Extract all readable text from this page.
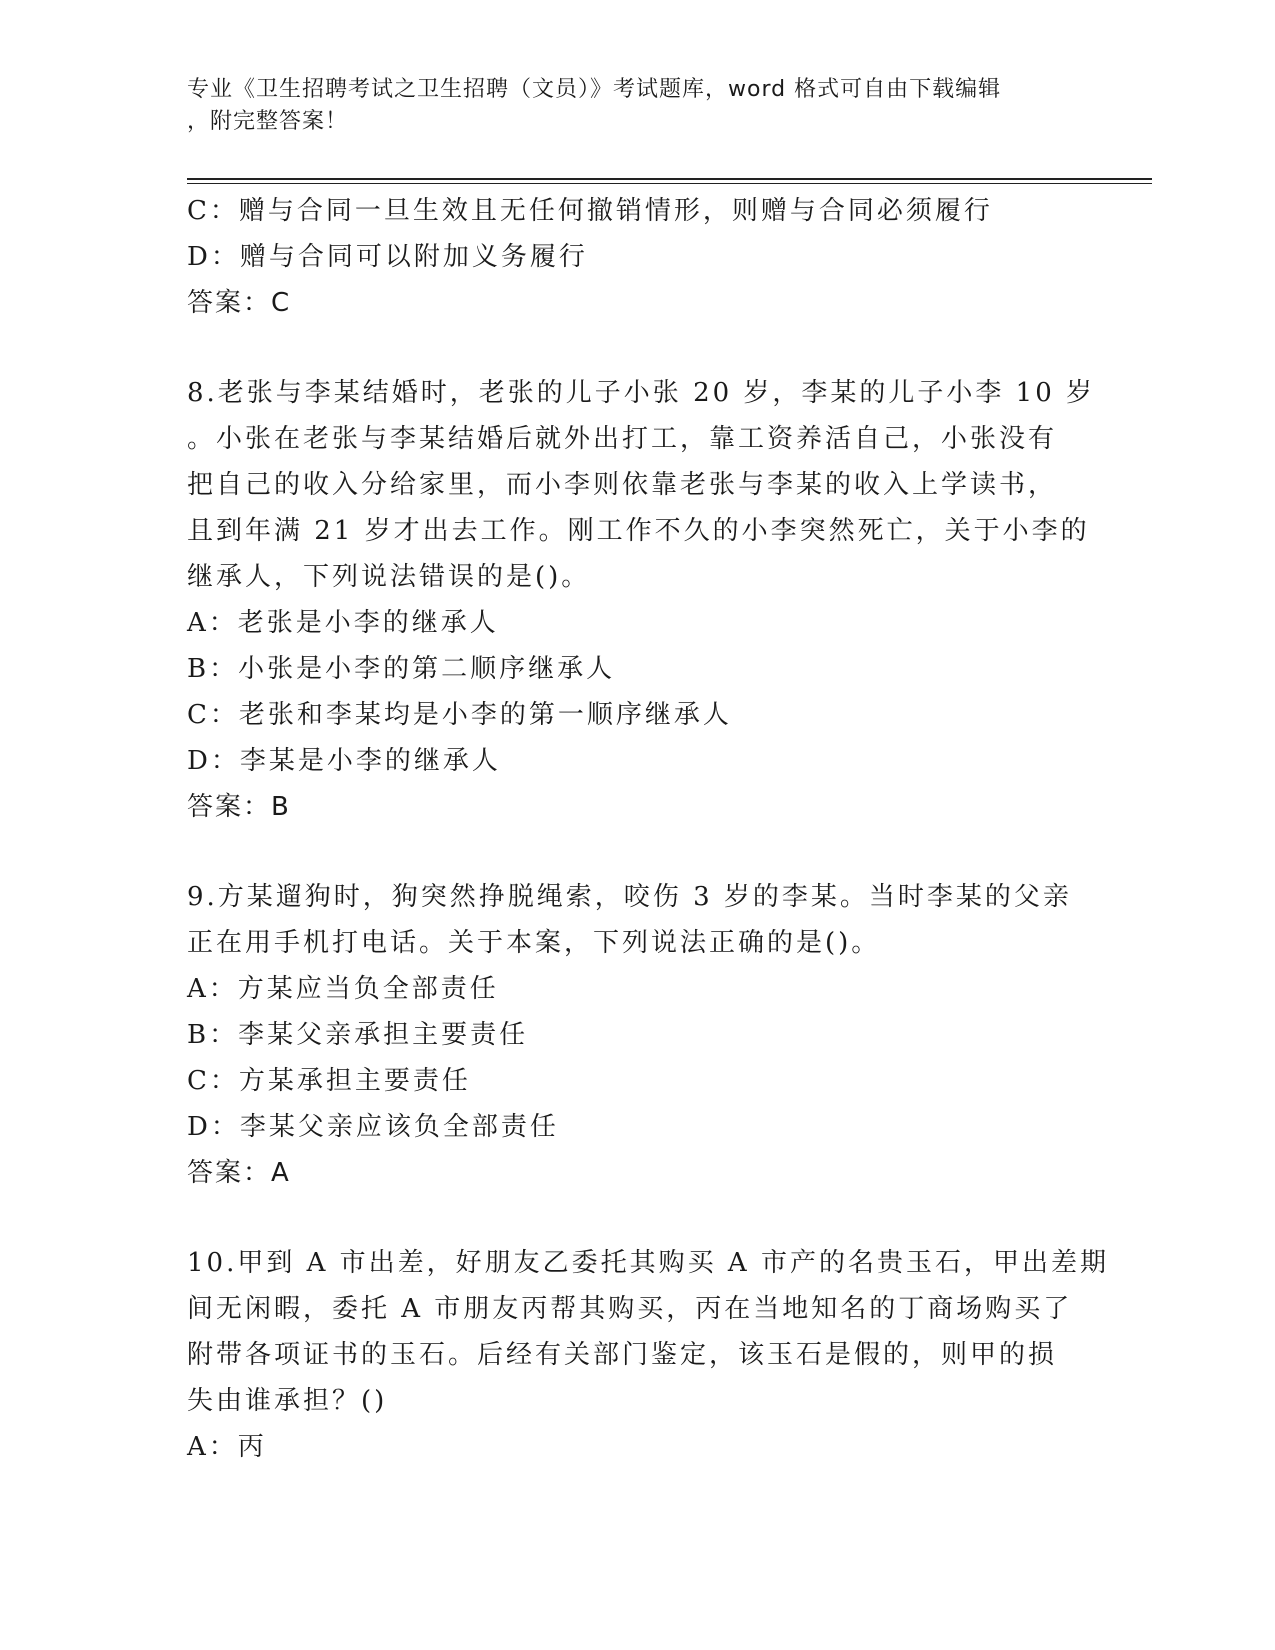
专业《卫生招聘考试之卫生招聘（文员）》考试题库，word 格式可自由下载编辑
，附完整答案！
C：赠与合同一旦生效且无任何撤销情形，则赠与合同必须履行
D：赠与合同可以附加义务履行
答案：C
8.老张与李某结婚时，老张的儿子小张 20 岁，李某的儿子小李 10 岁
。小张在老张与李某结婚后就外出打工，靠工资养活自己，小张没有
把自己的收入分给家里，而小李则依靠老张与李某的收入上学读书，
且到年满 21 岁才出去工作。刚工作不久的小李突然死亡，关于小李的
继承人，下列说法错误的是()。
A：老张是小李的继承人
B：小张是小李的第二顺序继承人
C：老张和李某均是小李的第一顺序继承人
D：李某是小李的继承人
答案：B
9.方某遛狗时，狗突然挣脱绳索，咬伤 3 岁的李某。当时李某的父亲
正在用手机打电话。关于本案，下列说法正确的是()。
A：方某应当负全部责任
B：李某父亲承担主要责任
C：方某承担主要责任
D：李某父亲应该负全部责任
答案：A
10.甲到 A 市出差，好朋友乙委托其购买 A 市产的名贵玉石，甲出差期
间无闲暇，委托 A 市朋友丙帮其购买，丙在当地知名的丁商场购买了
附带各项证书的玉石。后经有关部门鉴定，该玉石是假的，则甲的损
失由谁承担？()
A：丙
